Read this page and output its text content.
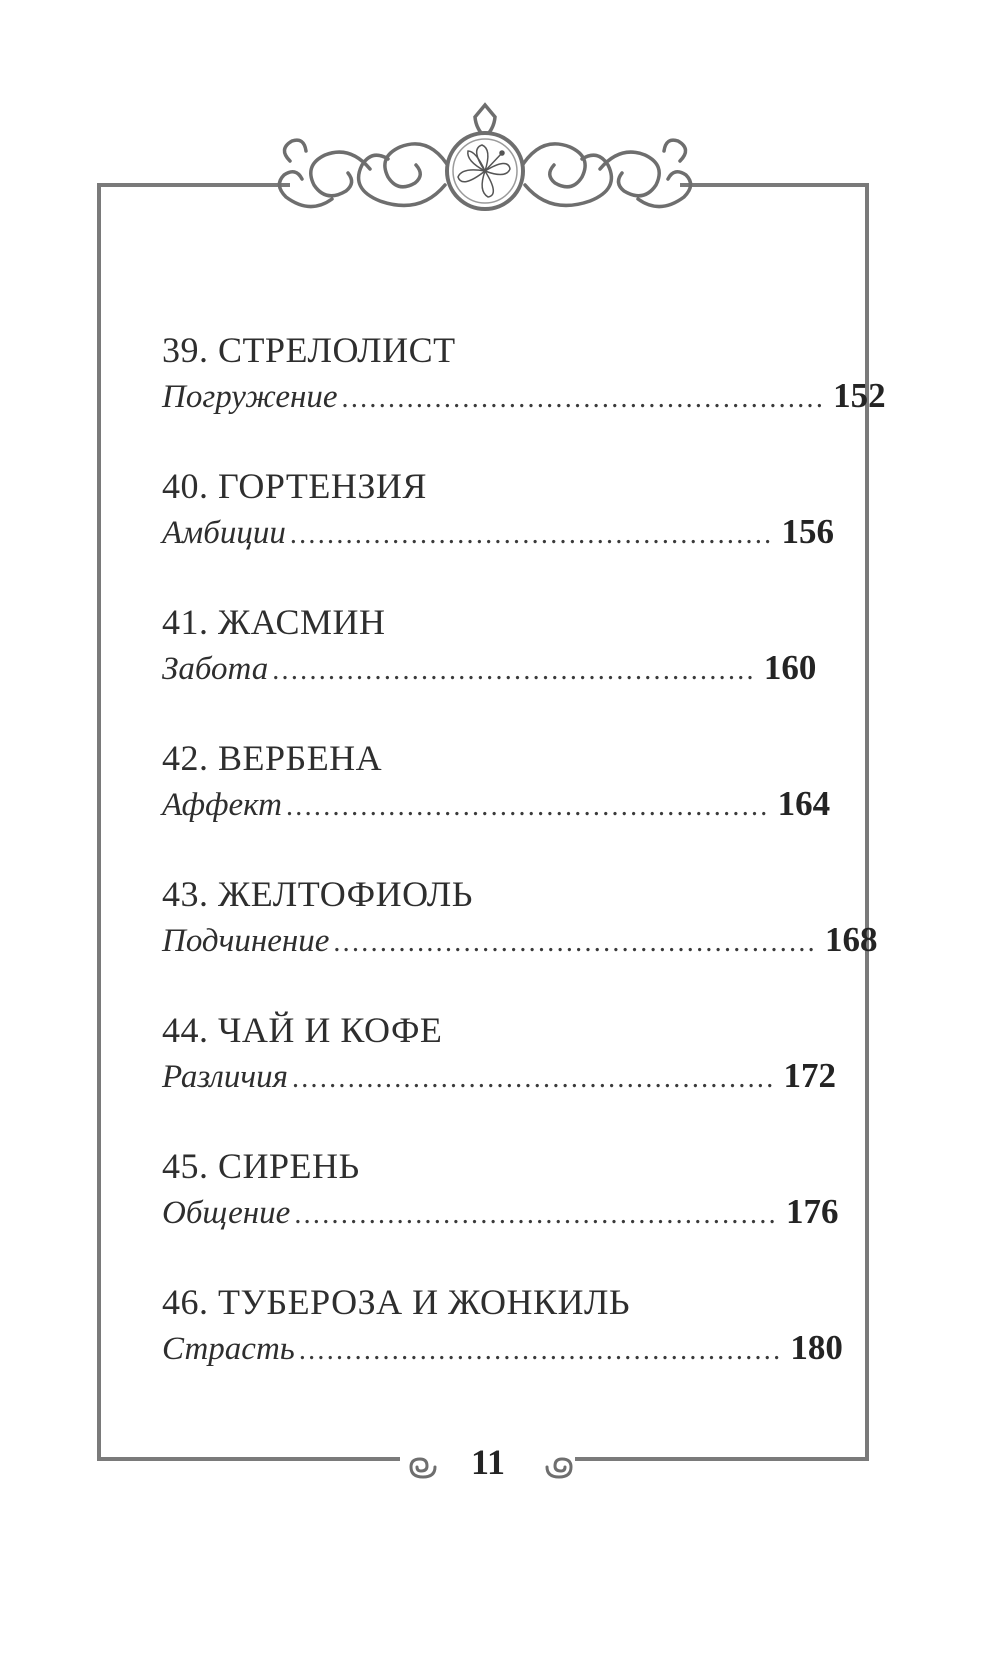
39. СТРЕЛОЛИСТ
Погружение .................................................... 152
40. ГОРТЕНЗИЯ
Амбиции .................................................... 156
41. ЖАСМИН
Забота .................................................... 160
42. ВЕРБЕНА
Аффект .................................................... 164
43. ЖЕЛТОФИОЛЬ
Подчинение .................................................... 168
44. ЧАЙ И КОФЕ
Различия .................................................... 172
45. СИРЕНЬ
Общение .................................................... 176
46. ТУБЕРОЗА И ЖОНКИЛЬ
Страсть .................................................... 180
11
